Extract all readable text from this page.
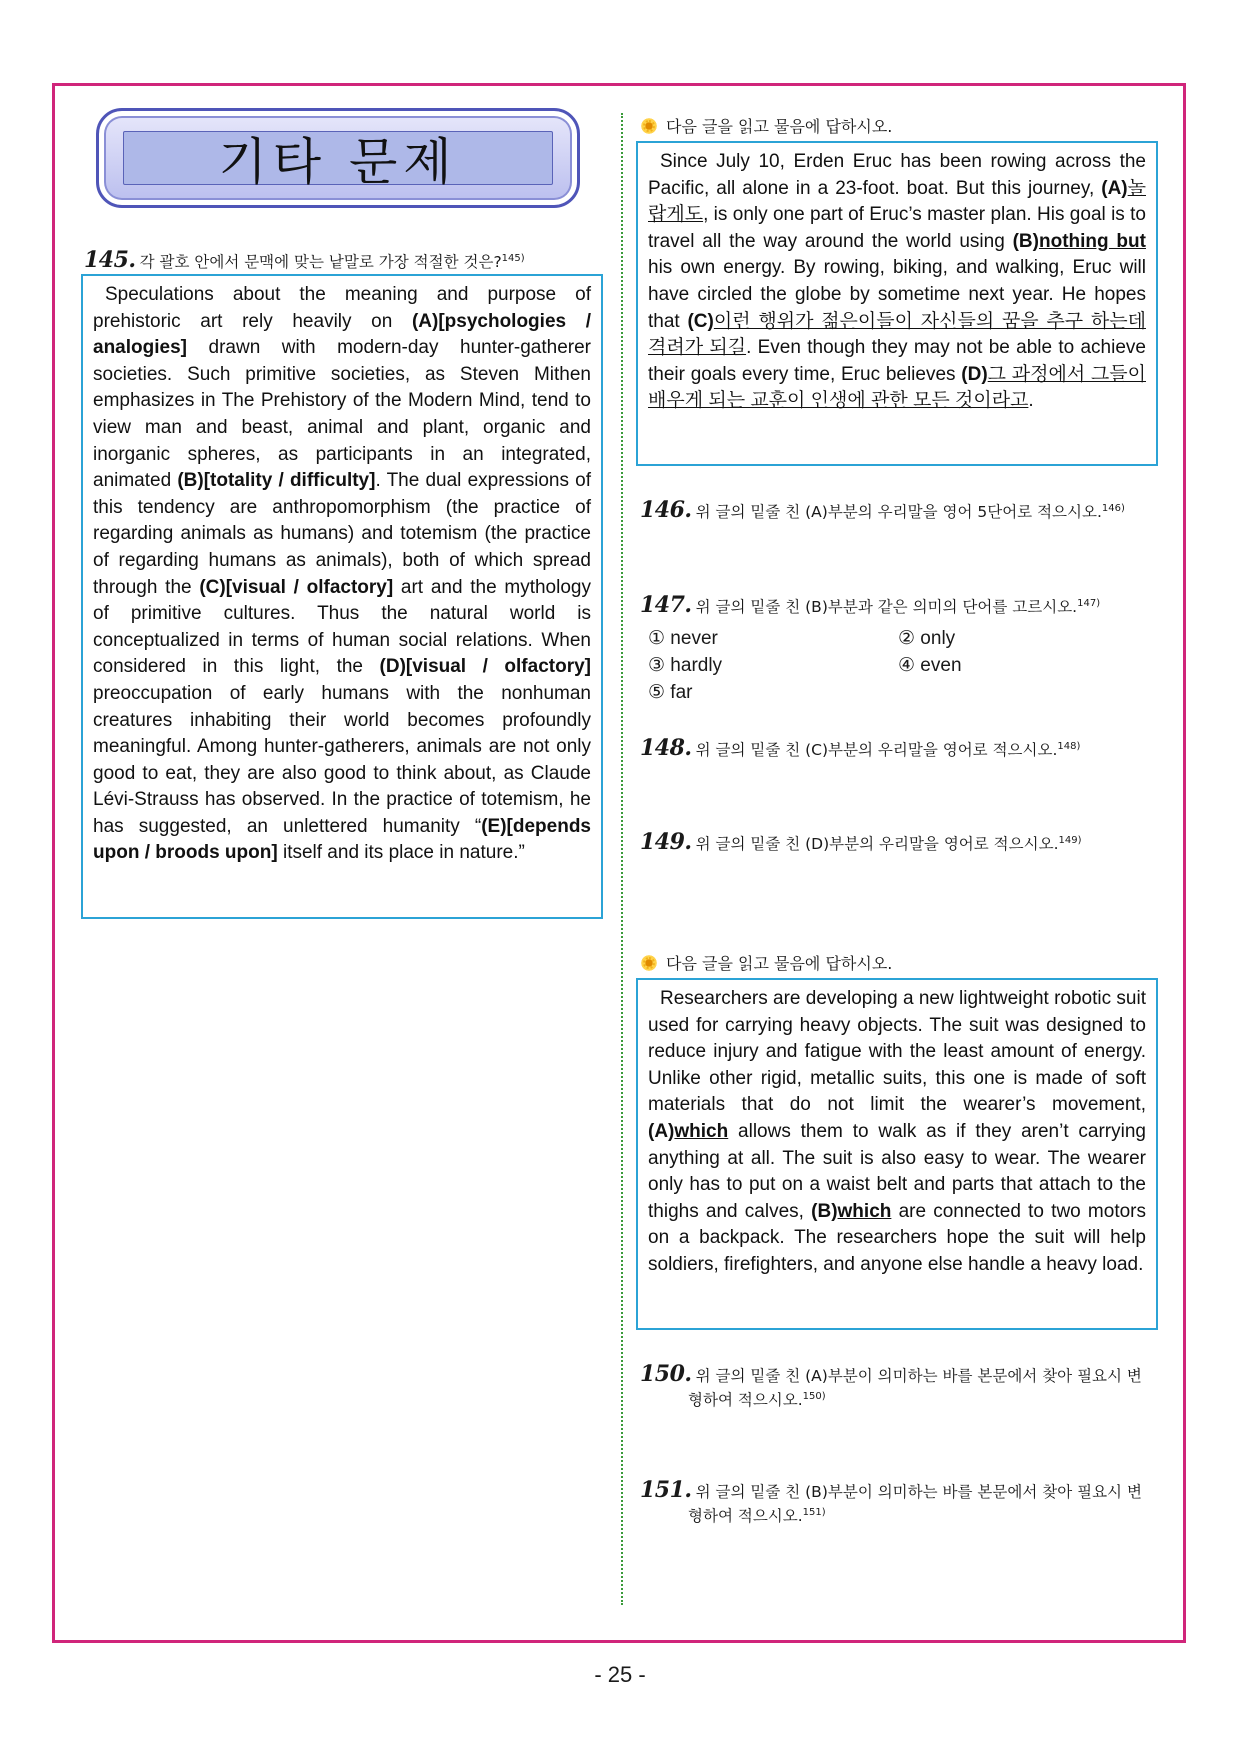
기타 문제
145. 각 괄호 안에서 문맥에 맞는 낱말로 가장 적절한 것은?$^{145)}$

Speculations about the meaning and purpose of prehistoric art rely heavily on (A)[psychologies / analogies] drawn with modern-day hunter-gatherer societies. Such primitive societies, as Steven Mithen emphasizes in The Prehistory of the Modern Mind, tend to view man and beast, animal and plant, organic and inorganic spheres, as participants in an integrated, animated (B)[totality / difficulty]. The dual expressions of this tendency are anthropomorphism (the practice of regarding animals as humans) and totemism (the practice of regarding humans as animals), both of which spread through the (C)[visual / olfactory] art and the mythology of primitive cultures. Thus the natural world is conceptualized in terms of human social relations. When considered in this light, the (D)[visual / olfactory] preoccupation of early humans with the nonhuman creatures inhabiting their world becomes profoundly meaningful. Among hunter-gatherers, animals are not only good to eat, they are also good to think about, as Claude Lévi-Strauss has observed. In the practice of totemism, he has suggested, an unlettered humanity “(E)[depends upon / broods upon] itself and its place in nature.”

다음 글을 읽고 물음에 답하시오.

Since July 10, Erden Eruc has been rowing across the Pacific, all alone in a 23-foot. boat. But this journey, (A)놀랍게도, is only one part of Eruc’s master plan. His goal is to travel all the way around the world using (B)nothing but his own energy. By rowing, biking, and walking, Eruc will have circled the globe by sometime next year. He hopes that (C)이런 행위가 젊은이들이 자신들의 꿈을 추구 하는데 격려가 되길. Even though they may not be able to achieve their goals every time, Eruc believes (D)그 과정에서 그들이 배우게 되는 교훈이 인생에 관한 모든 것이라고.

146. 위 글의 밑줄 친 (A)부분의 우리말을 영어 5단어로 적으시오.$^{146)}$
147. 위 글의 밑줄 친 (B)부분과 같은 의미의 단어를 고르시오.$^{147)}$
① never	② only
③ hardly	④ even
⑤ far
148. 위 글의 밑줄 친 (C)부분의 우리말을 영어로 적으시오.$^{148)}$
149. 위 글의 밑줄 친 (D)부분의 우리말을 영어로 적으시오.$^{149)}$
다음 글을 읽고 물음에 답하시오.

Researchers are developing a new lightweight robotic suit used for carrying heavy objects. The suit was designed to reduce injury and fatigue with the least amount of energy. Unlike other rigid, metallic suits, this one is made of soft materials that do not limit the wearer’s movement, (A)which allows them to walk as if they aren’t carrying anything at all. The suit is also easy to wear. The wearer only has to put on a waist belt and parts that attach to the thighs and calves, (B)which are connected to two motors on a backpack. The researchers hope the suit will help soldiers, firefighters, and anyone else handle a heavy load.

150. 위 글의 밑줄 친 (A)부분이 의미하는 바를 본문에서 찾아 필요시 변
형하여 적으시오.$^{150)}$
151. 위 글의 밑줄 친 (B)부분이 의미하는 바를 본문에서 찾아 필요시 변
형하여 적으시오.$^{151)}$
- 25 -
